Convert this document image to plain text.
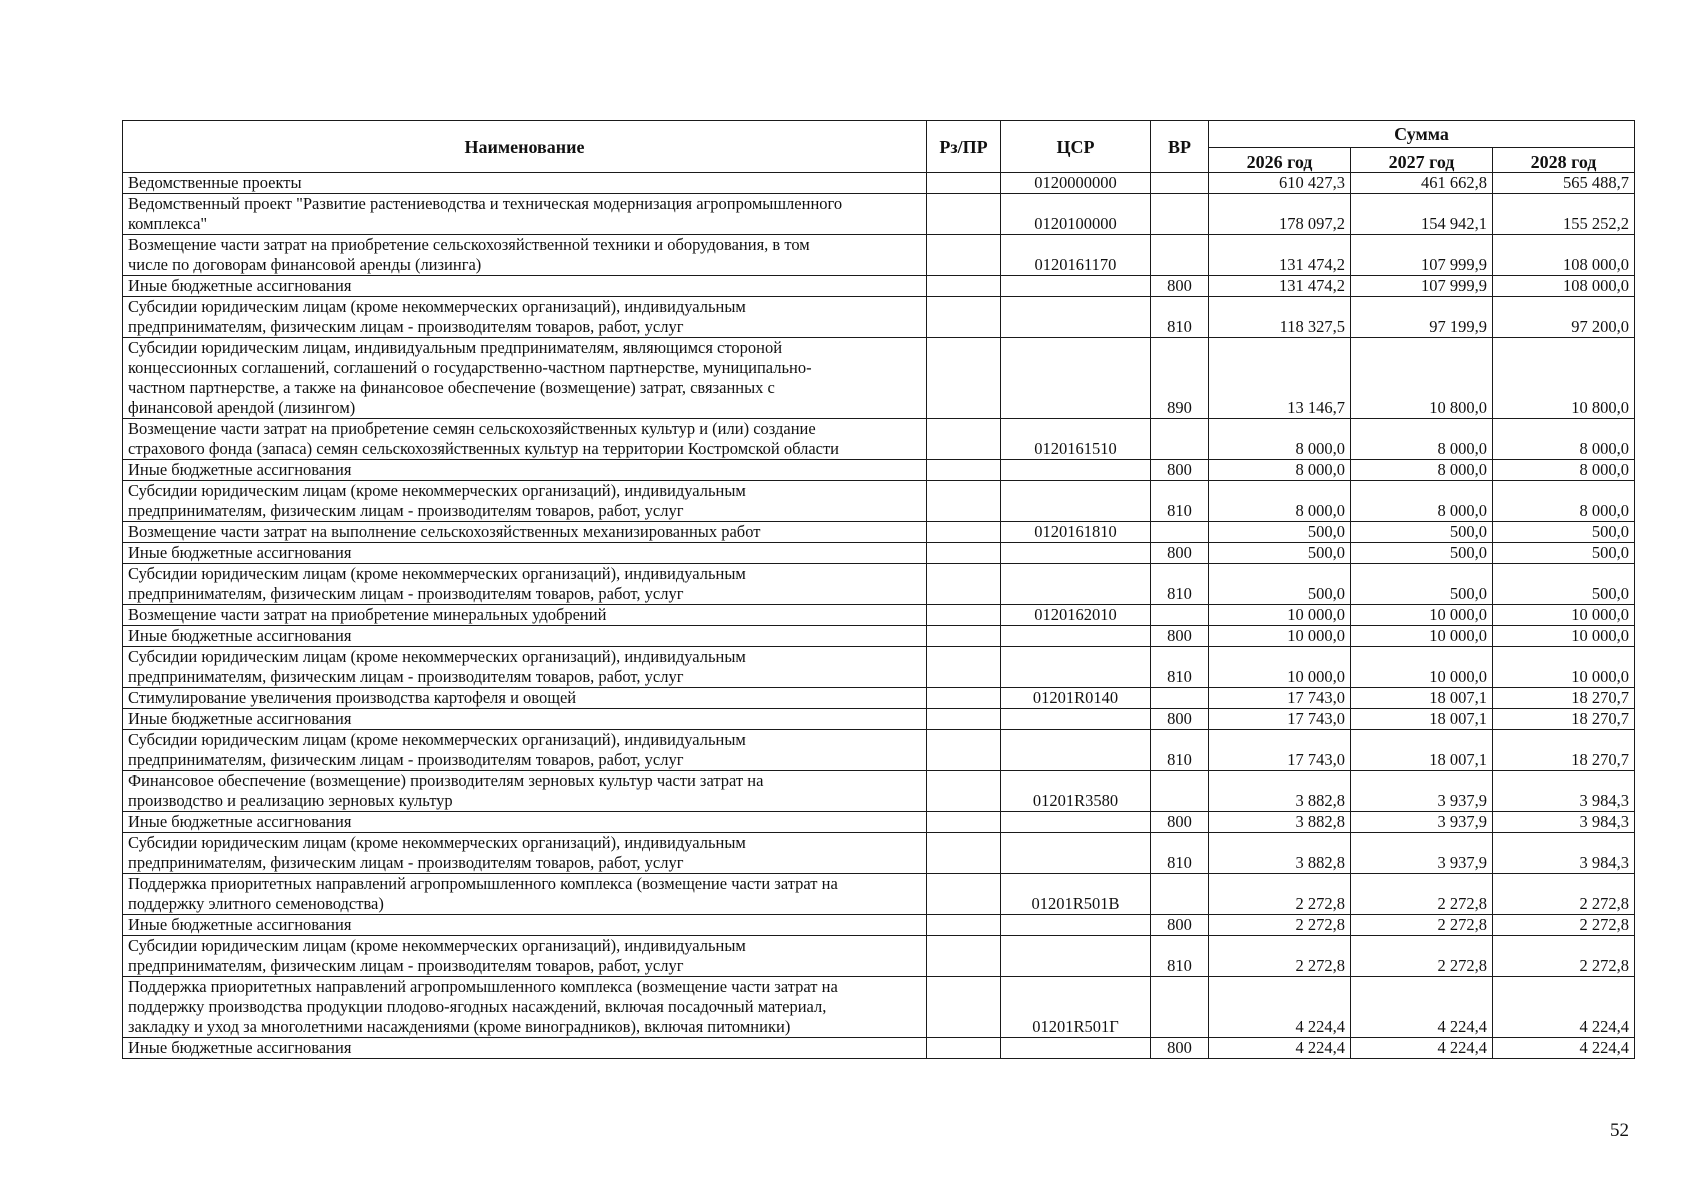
Наименование	Рз/ПР	ЦСР	ВР	Сумма		
				2026 год	2027 год	2028 год
Ведомственные проекты		0120000000		610 427,3	461 662,8	565 488,7
Ведомственный проект "Развитие растениеводства и техническая модернизация агропромышленного
комплекса"		0120100000		178 097,2	154 942,1	155 252,2
Возмещение части затрат на приобретение сельскохозяйственной техники и оборудования, в том
числе по договорам финансовой аренды (лизинга)		0120161170		131 474,2	107 999,9	108 000,0
Иные бюджетные ассигнования			800	131 474,2	107 999,9	108 000,0
Субсидии юридическим лицам (кроме некоммерческих организаций), индивидуальным
предпринимателям, физическим лицам - производителям товаров, работ, услуг			810	118 327,5	97 199,9	97 200,0
Субсидии юридическим лицам, индивидуальным предпринимателям, являющимся стороной
концессионных соглашений, соглашений о государственно-частном партнерстве, муниципально-
частном партнерстве, а также на финансовое обеспечение (возмещение) затрат, связанных с
финансовой арендой (лизингом)			890	13 146,7	10 800,0	10 800,0
Возмещение части затрат на приобретение семян сельскохозяйственных культур и (или) создание
страхового фонда (запаса) семян сельскохозяйственных культур на территории Костромской области		0120161510		8 000,0	8 000,0	8 000,0
Иные бюджетные ассигнования			800	8 000,0	8 000,0	8 000,0
Субсидии юридическим лицам (кроме некоммерческих организаций), индивидуальным
предпринимателям, физическим лицам - производителям товаров, работ, услуг			810	8 000,0	8 000,0	8 000,0
Возмещение части затрат на выполнение сельскохозяйственных механизированных работ		0120161810		500,0	500,0	500,0
Иные бюджетные ассигнования			800	500,0	500,0	500,0
Субсидии юридическим лицам (кроме некоммерческих организаций), индивидуальным
предпринимателям, физическим лицам - производителям товаров, работ, услуг			810	500,0	500,0	500,0
Возмещение части затрат на приобретение минеральных удобрений		0120162010		10 000,0	10 000,0	10 000,0
Иные бюджетные ассигнования			800	10 000,0	10 000,0	10 000,0
Субсидии юридическим лицам (кроме некоммерческих организаций), индивидуальным
предпринимателям, физическим лицам - производителям товаров, работ, услуг			810	10 000,0	10 000,0	10 000,0
Стимулирование увеличения производства картофеля и овощей		01201R0140		17 743,0	18 007,1	18 270,7
Иные бюджетные ассигнования			800	17 743,0	18 007,1	18 270,7
Субсидии юридическим лицам (кроме некоммерческих организаций), индивидуальным
предпринимателям, физическим лицам - производителям товаров, работ, услуг			810	17 743,0	18 007,1	18 270,7
Финансовое обеспечение (возмещение) производителям зерновых культур части затрат на
производство и реализацию зерновых культур		01201R3580		3 882,8	3 937,9	3 984,3
Иные бюджетные ассигнования			800	3 882,8	3 937,9	3 984,3
Субсидии юридическим лицам (кроме некоммерческих организаций), индивидуальным
предпринимателям, физическим лицам - производителям товаров, работ, услуг			810	3 882,8	3 937,9	3 984,3
Поддержка приоритетных направлений агропромышленного комплекса (возмещение части затрат на
поддержку элитного семеноводства)		01201R501B		2 272,8	2 272,8	2 272,8
Иные бюджетные ассигнования			800	2 272,8	2 272,8	2 272,8
Субсидии юридическим лицам (кроме некоммерческих организаций), индивидуальным
предпринимателям, физическим лицам - производителям товаров, работ, услуг			810	2 272,8	2 272,8	2 272,8
Поддержка приоритетных направлений агропромышленного комплекса (возмещение части затрат на
поддержку производства продукции плодово-ягодных насаждений, включая посадочный материал,
закладку и уход за многолетними насаждениями (кроме виноградников), включая питомники)		01201R501Г		4 224,4	4 224,4	4 224,4
Иные бюджетные ассигнования			800	4 224,4	4 224,4	4 224,4
52
